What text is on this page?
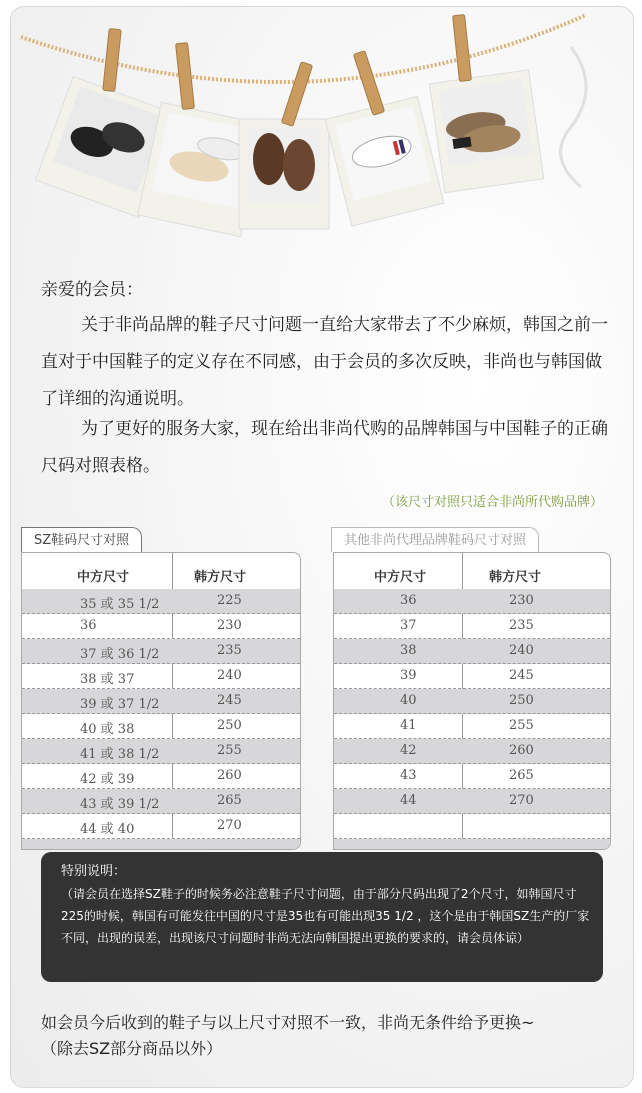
亲爱的会员：
关于非尚品牌的鞋子尺寸问题一直给大家带去了不少麻烦，韩国之前一直对于中国鞋子的定义存在不同感，由于会员的多次反映，非尚也与韩国做了详细的沟通说明。
为了更好的服务大家，现在给出非尚代购的品牌韩国与中国鞋子的正确尺码对照表格。
（该尺寸对照只适合非尚所代购品牌）
SZ鞋码尺寸对照
中方尺寸	韩方尺寸
35 或 35 1/2	225
36	230
37 或 36 1/2	235
38 或 37	240
39 或 37 1/2	245
40 或 38	250
41 或 38 1/2	255
42 或 39	260
43 或 39 1/2	265
44 或 40	270
其他非尚代理品牌鞋码尺寸对照
中方尺寸	韩方尺寸
36	230
37	235
38	240
39	245
40	250
41	255
42	260
43	265
44	270
特别说明：
（请会员在选择SZ鞋子的时候务必注意鞋子尺寸问题，由于部分尺码出现了2个尺寸，如韩国尺寸225的时候，韩国有可能发往中国的尺寸是35也有可能出现35 1/2 ，这个是由于韩国SZ生产的厂家不同，出现的误差，出现该尺寸问题时非尚无法向韩国提出更换的要求的，请会员体谅）
如会员今后收到的鞋子与以上尺寸对照不一致，非尚无条件给予更换~
（除去SZ部分商品以外）
